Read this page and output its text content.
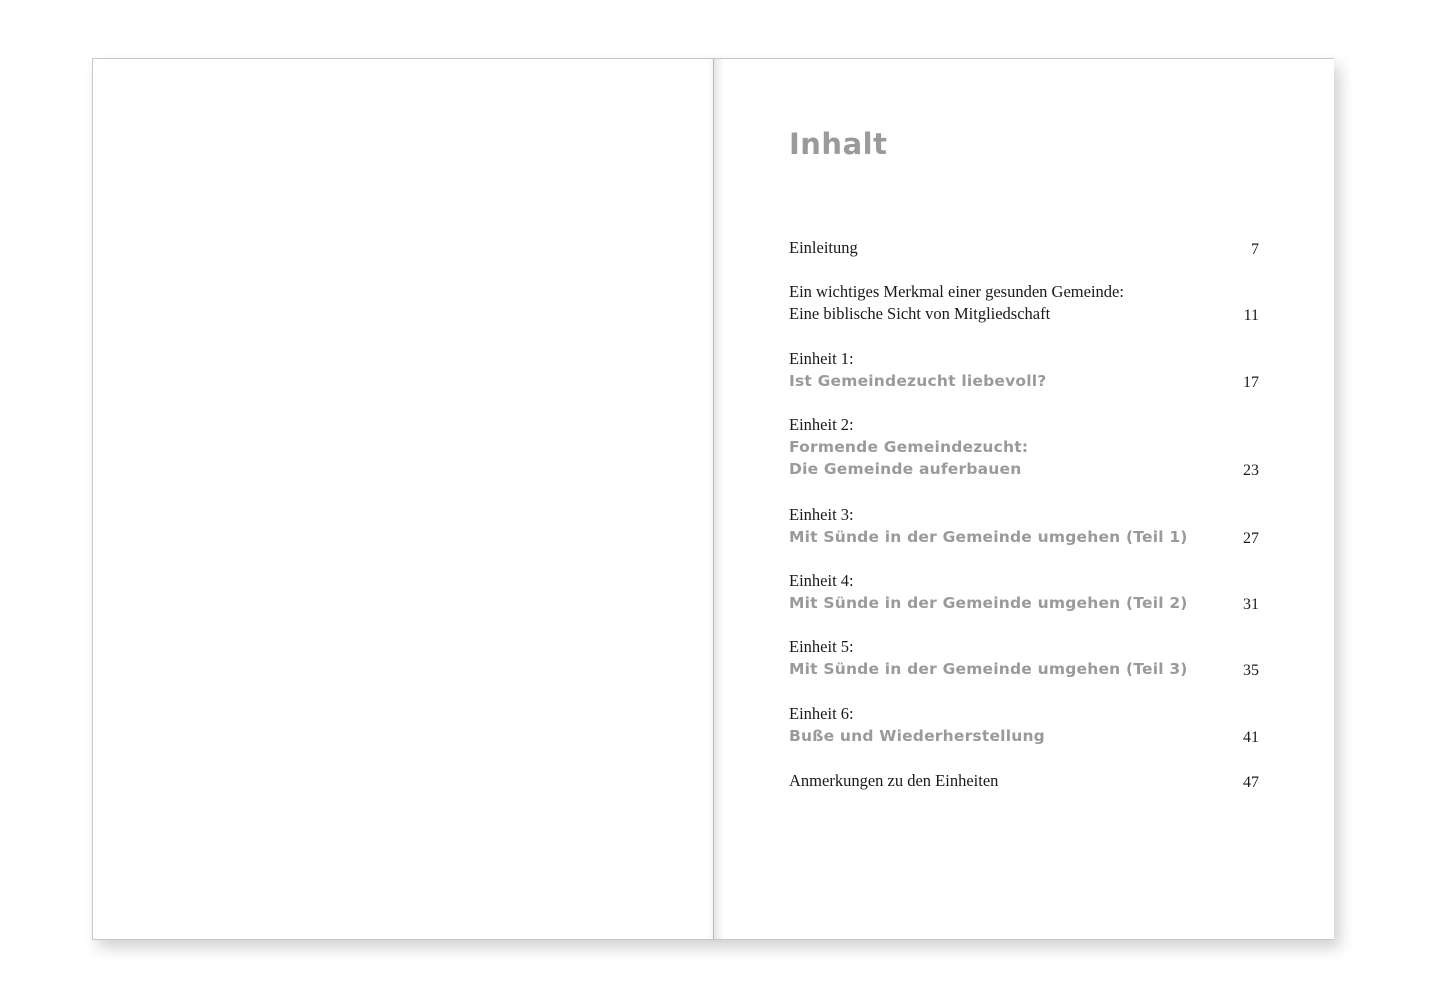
Inhalt
Einleitung	7
Ein wichtiges Merkmal einer gesunden Gemeinde:
Eine biblische Sicht von Mitgliedschaft	11
Einheit 1:
Ist Gemeindezucht liebevoll?	17
Einheit 2:
Formende Gemeindezucht:
Die Gemeinde auferbauen	23
Einheit 3:
Mit Sünde in der Gemeinde umgehen (Teil 1)	27
Einheit 4:
Mit Sünde in der Gemeinde umgehen (Teil 2)	31
Einheit 5:
Mit Sünde in der Gemeinde umgehen (Teil 3)	35
Einheit 6:
Buße und Wiederherstellung	41
Anmerkungen zu den Einheiten	47
